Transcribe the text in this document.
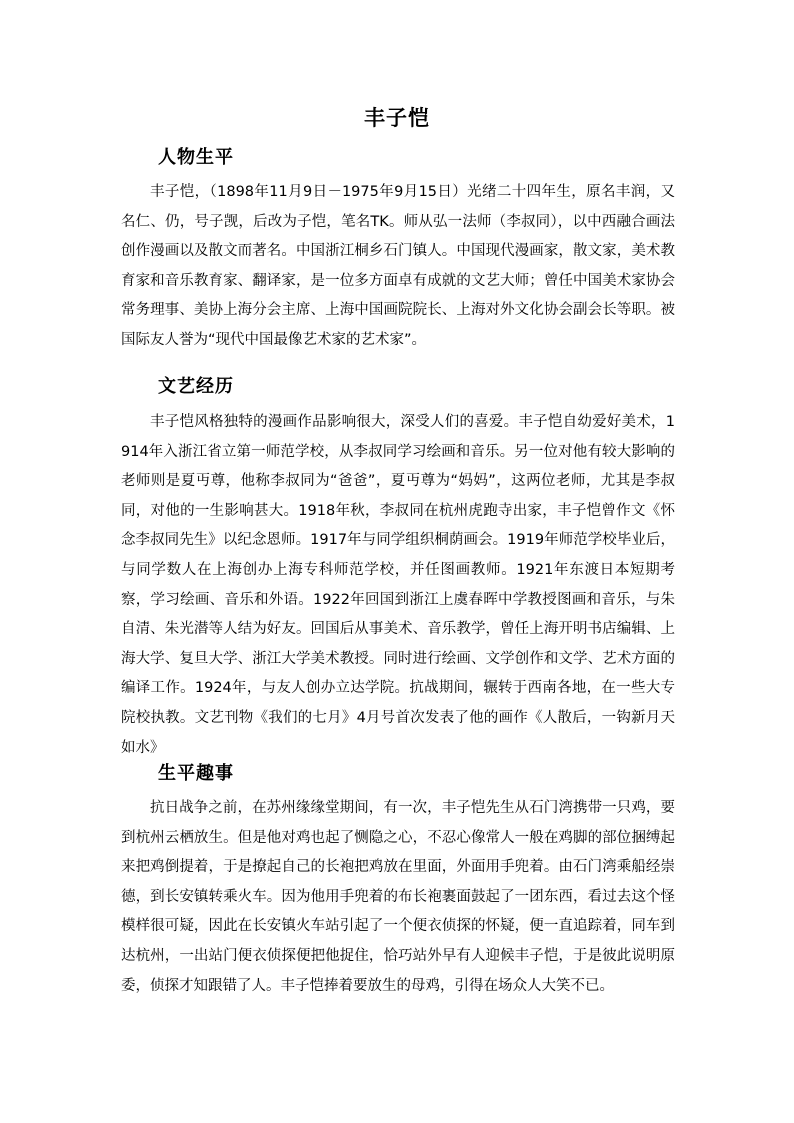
丰子恺
人物生平

丰子恺，（1898年11月9日－1975年9月15日）光绪二十四年生，原名丰润，又名仁、仍，号子觊，后改为子恺，笔名TK。师从弘一法师（李叔同），以中西融合画法创作漫画以及散文而著名。中国浙江桐乡石门镇人。中国现代漫画家，散文家，美术教育家和音乐教育家、翻译家，是一位多方面卓有成就的文艺大师；曾任中国美术家协会常务理事、美协上海分会主席、上海中国画院院长、上海对外文化协会副会长等职。被国际友人誉为“现代中国最像艺术家的艺术家”。

文艺经历

丰子恺风格独特的漫画作品影响很大，深受人们的喜爱。丰子恺自幼爱好美术，1914年入浙江省立第一师范学校，从李叔同学习绘画和音乐。另一位对他有较大影响的老师则是夏丏尊，他称李叔同为“爸爸”，夏丏尊为“妈妈”，这两位老师，尤其是李叔同，对他的一生影响甚大。1918年秋，李叔同在杭州虎跑寺出家，丰子恺曾作文《怀念李叔同先生》以纪念恩师。1917年与同学组织桐荫画会。1919年师范学校毕业后，与同学数人在上海创办上海专科师范学校，并任图画教师。1921年东渡日本短期考察，学习绘画、音乐和外语。1922年回国到浙江上虞春晖中学教授图画和音乐，与朱自清、朱光潜等人结为好友。回国后从事美术、音乐教学，曾任上海开明书店编辑、上海大学、复旦大学、浙江大学美术教授。同时进行绘画、文学创作和文学、艺术方面的编译工作。1924年，与友人创办立达学院。抗战期间，辗转于西南各地，在一些大专院校执教。文艺刊物《我们的七月》4月号首次发表了他的画作《人散后，一钩新月天如水》

生平趣事

抗日战争之前，在苏州缘缘堂期间，有一次，丰子恺先生从石门湾携带一只鸡，要到杭州云栖放生。但是他对鸡也起了恻隐之心，不忍心像常人一般在鸡脚的部位捆缚起来把鸡倒提着，于是撩起自己的长袍把鸡放在里面，外面用手兜着。由石门湾乘船经崇德，到长安镇转乘火车。因为他用手兜着的布长袍裹面鼓起了一团东西，看过去这个怪模样很可疑，因此在长安镇火车站引起了一个便衣侦探的怀疑，便一直追踪着，同车到达杭州，一出站门便衣侦探便把他捉住，恰巧站外早有人迎候丰子恺，于是彼此说明原委，侦探才知跟错了人。丰子恺捧着要放生的母鸡，引得在场众人大笑不已。
